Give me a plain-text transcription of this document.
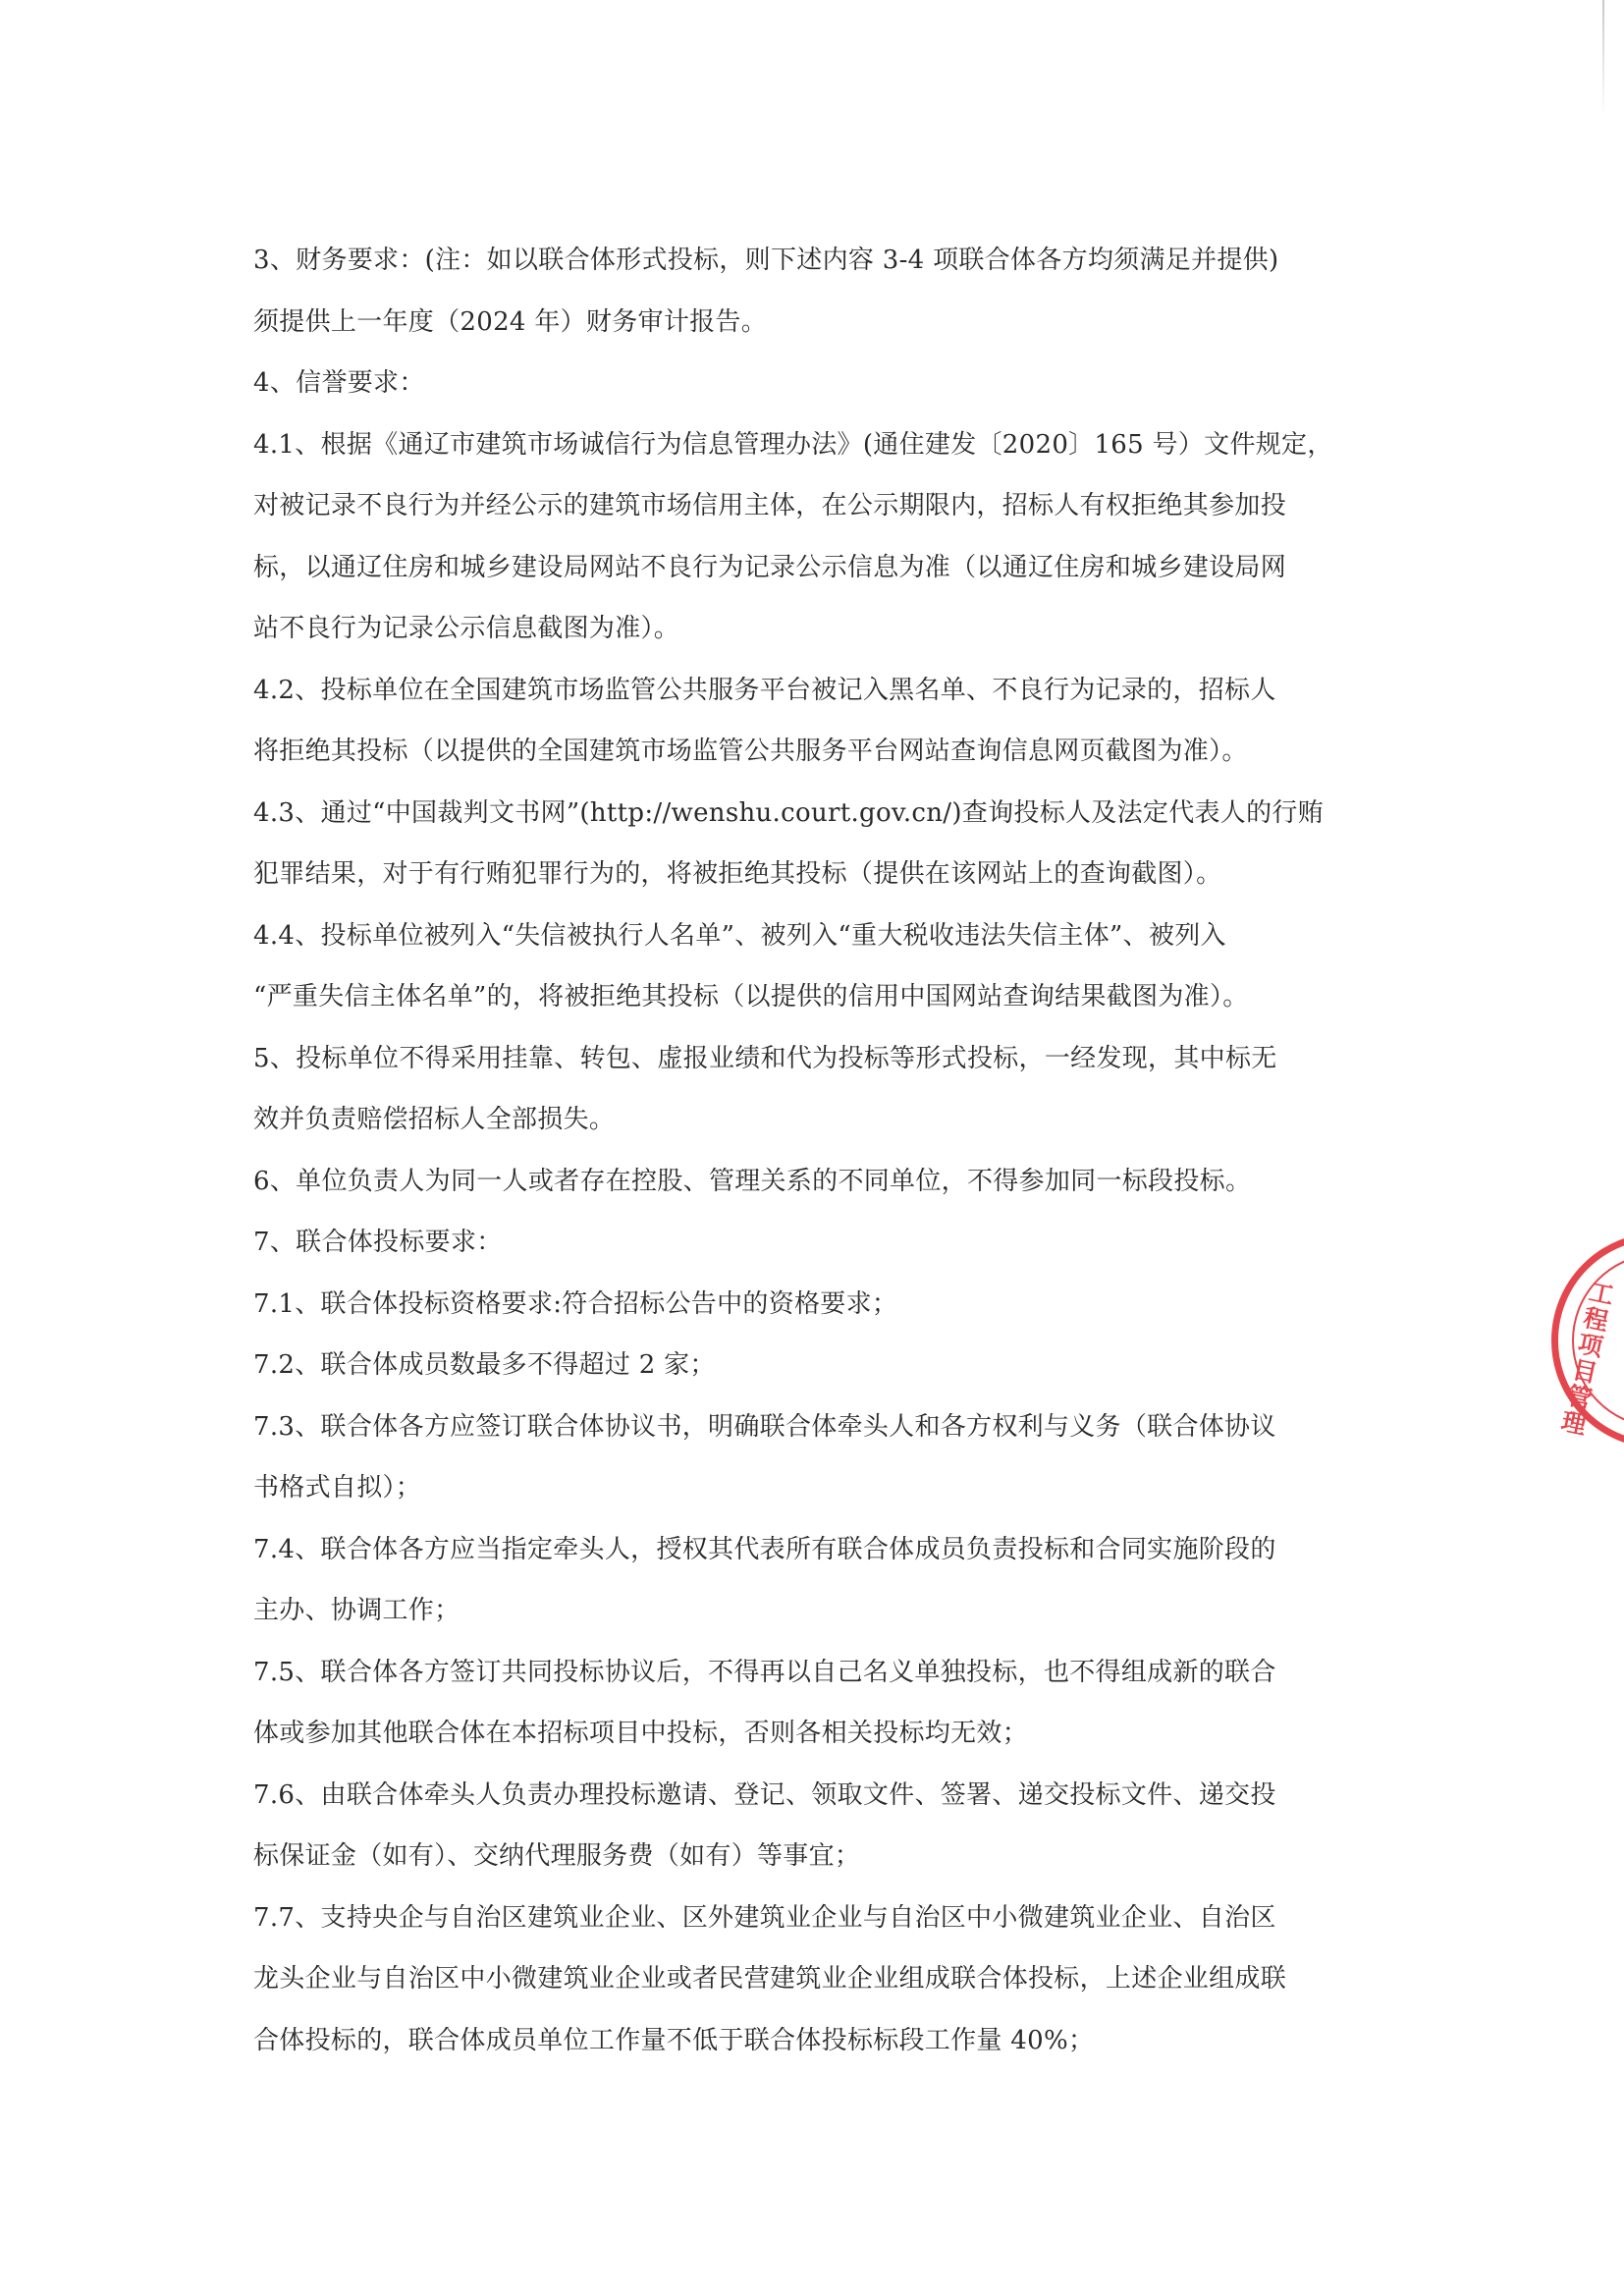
3、财务要求：(注：如以联合体形式投标，则下述内容 3-4 项联合体各方均须满足并提供)
须提供上一年度（2024 年）财务审计报告。
4、信誉要求：
4.1、根据《通辽市建筑市场诚信行为信息管理办法》(通住建发〔2020〕165 号）文件规定，
对被记录不良行为并经公示的建筑市场信用主体，在公示期限内，招标人有权拒绝其参加投
标，以通辽住房和城乡建设局网站不良行为记录公示信息为准（以通辽住房和城乡建设局网
站不良行为记录公示信息截图为准）。
4.2、投标单位在全国建筑市场监管公共服务平台被记入黑名单、不良行为记录的，招标人
将拒绝其投标（以提供的全国建筑市场监管公共服务平台网站查询信息网页截图为准）。
4.3、通过“中国裁判文书网”(http://wenshu.court.gov.cn/)查询投标人及法定代表人的行贿
犯罪结果，对于有行贿犯罪行为的，将被拒绝其投标（提供在该网站上的查询截图）。
4.4、投标单位被列入“失信被执行人名单”、被列入“重大税收违法失信主体”、被列入
“严重失信主体名单”的，将被拒绝其投标（以提供的信用中国网站查询结果截图为准）。
5、投标单位不得采用挂靠、转包、虚报业绩和代为投标等形式投标，一经发现，其中标无
效并负责赔偿招标人全部损失。
6、单位负责人为同一人或者存在控股、管理关系的不同单位，不得参加同一标段投标。
7、联合体投标要求：
7.1、联合体投标资格要求:符合招标公告中的资格要求；
7.2、联合体成员数最多不得超过 2 家；
7.3、联合体各方应签订联合体协议书，明确联合体牵头人和各方权利与义务（联合体协议
书格式自拟）；
7.4、联合体各方应当指定牵头人，授权其代表所有联合体成员负责投标和合同实施阶段的
主办、协调工作；
7.5、联合体各方签订共同投标协议后，不得再以自己名义单独投标，也不得组成新的联合
体或参加其他联合体在本招标项目中投标，否则各相关投标均无效；
7.6、由联合体牵头人负责办理投标邀请、登记、领取文件、签署、递交投标文件、递交投
标保证金（如有）、交纳代理服务费（如有）等事宜；
7.7、支持央企与自治区建筑业企业、区外建筑业企业与自治区中小微建筑业企业、自治区
龙头企业与自治区中小微建筑业企业或者民营建筑业企业组成联合体投标，上述企业组成联
合体投标的，联合体成员单位工作量不低于联合体投标标段工作量 40%；
工程项目管理
